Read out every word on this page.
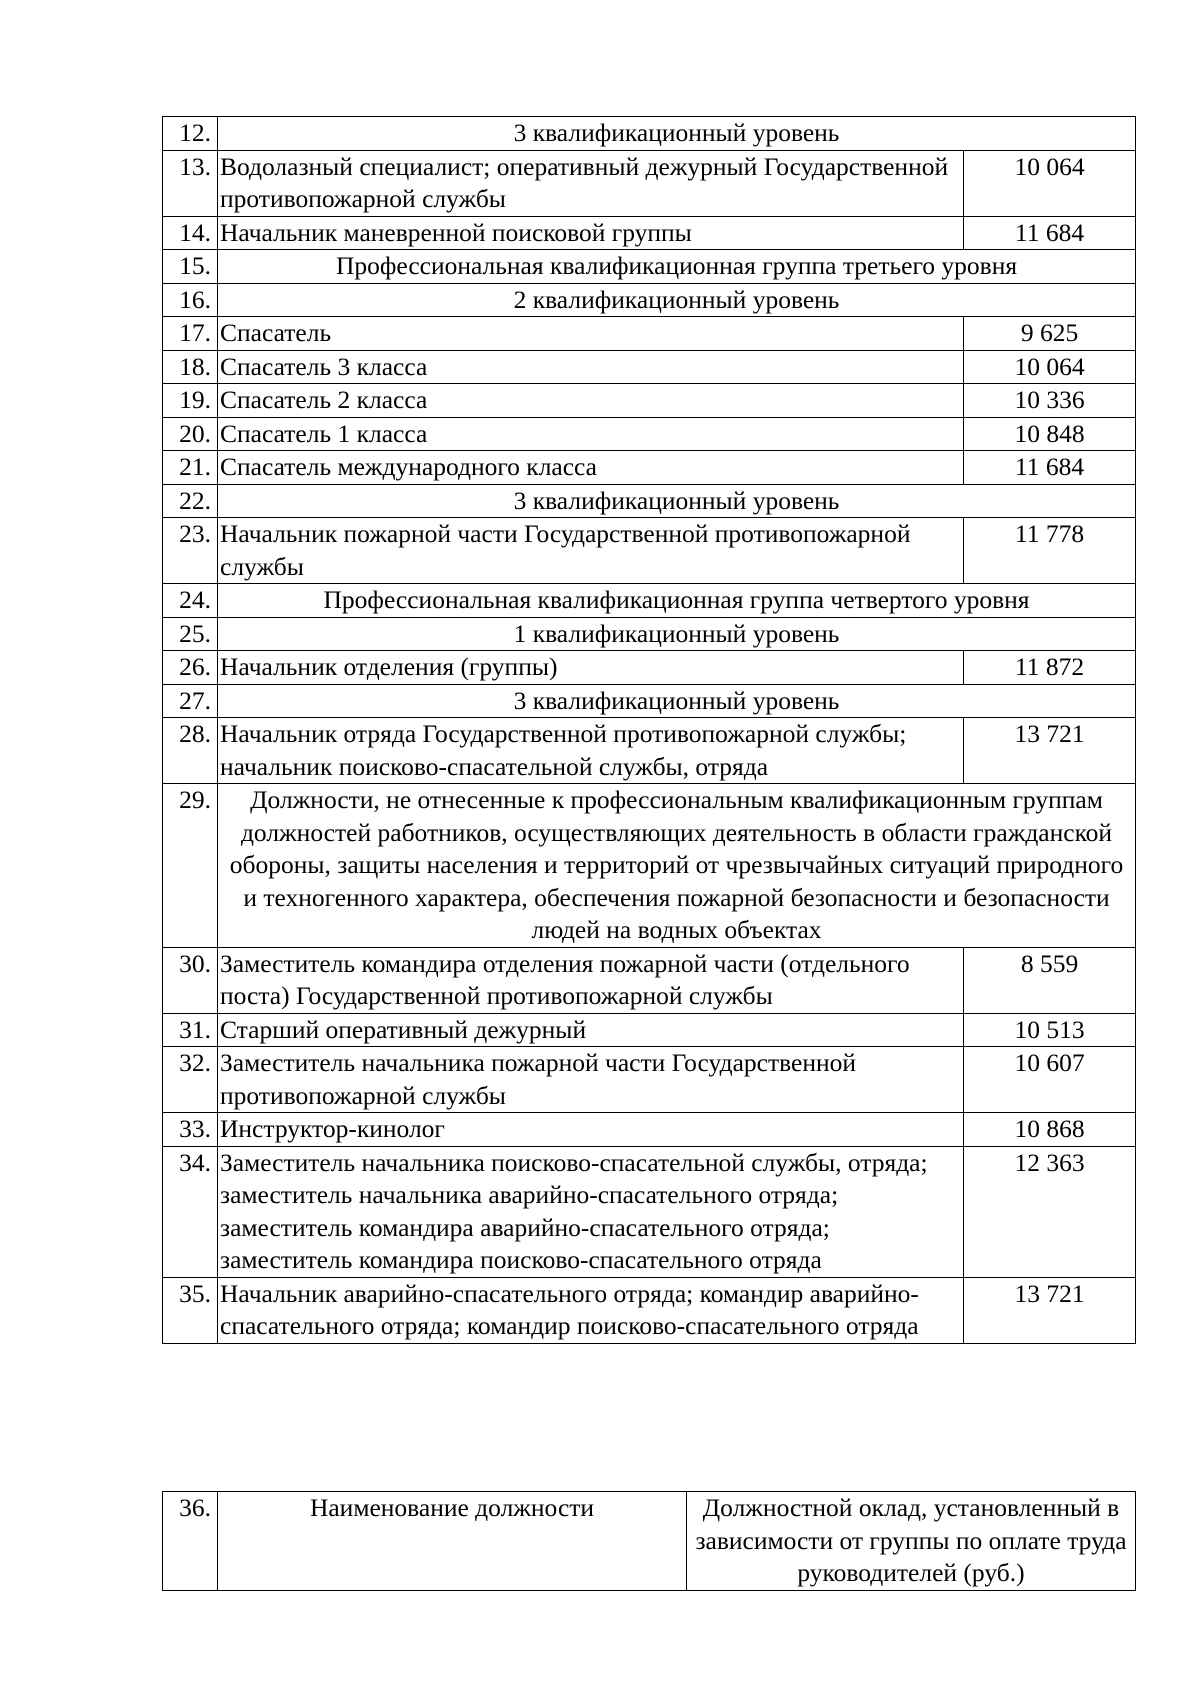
12.	3 квалификационный уровень	
13.	Водолазный специалист; оперативный дежурный Государственной противопожарной службы	10 064
14.	Начальник маневренной поисковой группы	11 684
15.	Профессиональная квалификационная группа третьего уровня	
16.	2 квалификационный уровень	
17.	Спасатель	9 625
18.	Спасатель 3 класса	10 064
19.	Спасатель 2 класса	10 336
20.	Спасатель 1 класса	10 848
21.	Спасатель международного класса	11 684
22.	3 квалификационный уровень	
23.	Начальник пожарной части Государственной противопожарной службы	11 778
24.	Профессиональная квалификационная группа четвертого уровня	
25.	1 квалификационный уровень	
26.	Начальник отделения (группы)	11 872
27.	3 квалификационный уровень	
28.	Начальник отряда Государственной противопожарной службы; начальник поисково-спасательной службы, отряда	13 721
29.	Должности, не отнесенные к профессиональным квалификационным группам должностей работников, осуществляющих деятельность в области гражданской обороны, защиты населения и территорий от чрезвычайных ситуаций природного и техногенного характера, обеспечения пожарной безопасности и безопасности людей на водных объектах	
30.	Заместитель командира отделения пожарной части (отдельного поста) Государственной противопожарной службы	8 559
31.	Старший оперативный дежурный	10 513
32.	Заместитель начальника пожарной части Государственной противопожарной службы	10 607
33.	Инструктор-кинолог	10 868
34.	Заместитель начальника поисково-спасательной службы, отряда; заместитель начальника аварийно-спасательного отряда; заместитель командира аварийно-спасательного отряда; заместитель командира поисково-спасательного отряда	12 363
35.	Начальник аварийно-спасательного отряда; командир аварийно-спасательного отряда; командир поисково-спасательного отряда	13 721
36.	Наименование должности	Должностной оклад, установленный в зависимости от группы по оплате труда руководителей (руб.)
